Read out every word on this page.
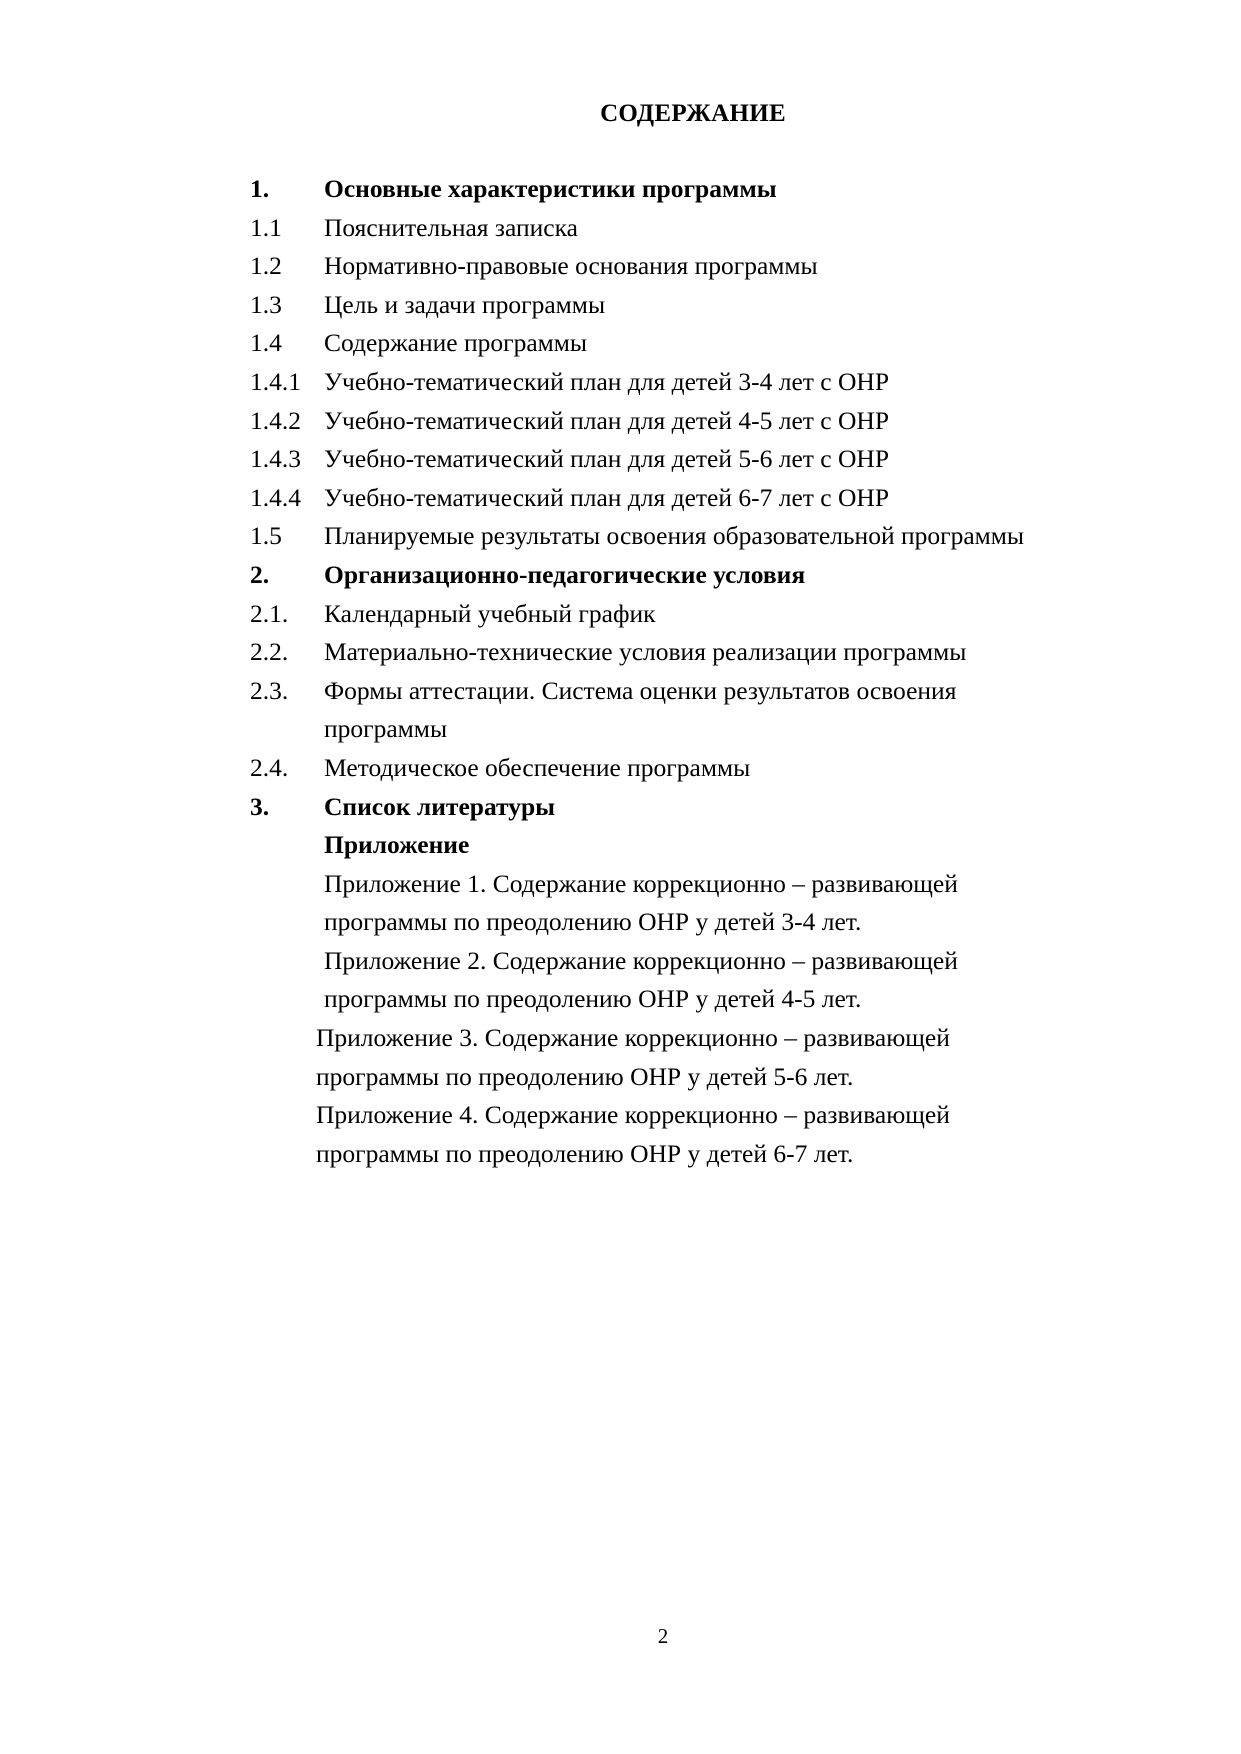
СОДЕРЖАНИЕ
1.	Основные характеристики программы
1.1	Пояснительная записка
1.2	Нормативно-правовые основания программы
1.3	Цель и задачи программы
1.4	Содержание программы
1.4.1 Учебно-тематический план для детей 3-4 лет с ОНР
1.4.2 Учебно-тематический план для детей 4-5 лет с ОНР
1.4.3 Учебно-тематический план для детей 5-6 лет с ОНР
1.4.4 Учебно-тематический план для детей 6-7 лет с ОНР
1.5	Планируемые результаты освоения образовательной программы
2.	Организационно-педагогические условия
2.1.	Календарный учебный график
2.2.	Материально-технические условия реализации программы
2.3.	Формы аттестации. Система оценки результатов освоения программы
2.4.	Методическое обеспечение программы
3.	Список литературы
Приложение
Приложение 1. Содержание коррекционно – развивающей программы по преодолению ОНР у детей 3-4 лет.
Приложение 2. Содержание коррекционно – развивающей программы по преодолению ОНР у детей 4-5 лет.
Приложение 3. Содержание коррекционно – развивающей программы по преодолению ОНР у детей 5-6 лет.
Приложение 4. Содержание коррекционно – развивающей программы по преодолению ОНР у детей 6-7 лет.
2
